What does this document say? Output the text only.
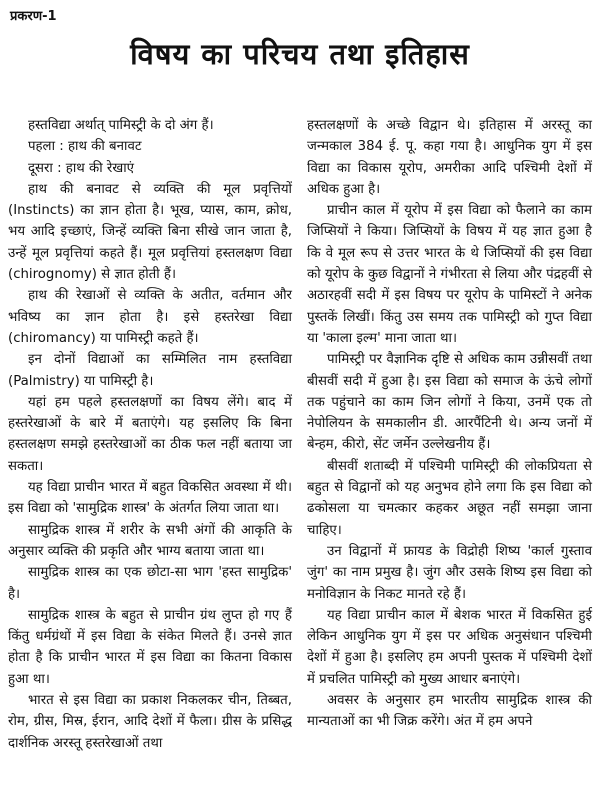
प्रकरण-1
विषय का परिचय तथा इतिहास

हस्तविद्या अर्थात् पामिस्ट्री के दो अंग हैं।

पहला : हाथ की बनावट

दूसरा : हाथ की रेखाएं

हाथ की बनावट से व्यक्ति की मूल प्रवृत्तियों (Instincts) का ज्ञान होता है। भूख, प्यास, काम, क्रोध, भय आदि इच्छाएं, जिन्हें व्यक्ति बिना सीखे जान जाता है, उन्हें मूल प्रवृत्तियां कहते हैं। मूल प्रवृत्तियां हस्तलक्षण विद्या (chirognomy) से ज्ञात होती हैं।

हाथ की रेखाओं से व्यक्ति के अतीत, वर्तमान और भविष्य का ज्ञान होता है। इसे हस्तरेखा विद्या (chiromancy) या पामिस्ट्री कहते हैं।

इन दोनों विद्याओं का सम्मिलित नाम हस्तविद्या (Palmistry) या पामिस्ट्री है।

यहां हम पहले हस्तलक्षणों का विषय लेंगे। बाद में हस्तरेखाओं के बारे में बताएंगे। यह इसलिए कि बिना हस्तलक्षण समझे हस्तरेखाओं का ठीक फल नहीं बताया जा सकता।

यह विद्या प्राचीन भारत में बहुत विकसित अवस्था में थी। इस विद्या को 'सामुद्रिक शास्त्र' के अंतर्गत लिया जाता था।

सामुद्रिक शास्त्र में शरीर के सभी अंगों की आकृति के अनुसार व्यक्ति की प्रकृति और भाग्य बताया जाता था।

सामुद्रिक शास्त्र का एक छोटा-सा भाग 'हस्त सामुद्रिक' है।

सामुद्रिक शास्त्र के बहुत से प्राचीन ग्रंथ लुप्त हो गए हैं किंतु धर्मग्रंथों में इस विद्या के संकेत मिलते हैं। उनसे ज्ञात होता है कि प्राचीन भारत में इस विद्या का कितना विकास हुआ था।

भारत से इस विद्या का प्रकाश निकलकर चीन, तिब्बत, रोम, ग्रीस, मिस्र, ईरान, आदि देशों में फैला। ग्रीस के प्रसिद्ध दार्शनिक अरस्तू हस्तरेखाओं तथा

हस्तलक्षणों के अच्छे विद्वान थे। इतिहास में अरस्तू का जन्मकाल 384 ई. पू. कहा गया है। आधुनिक युग में इस विद्या का विकास यूरोप, अमरीका आदि पश्चिमी देशों में अधिक हुआ है।

प्राचीन काल में यूरोप में इस विद्या को फैलाने का काम जिप्सियों ने किया। जिप्सियों के विषय में यह ज्ञात हुआ है कि वे मूल रूप से उत्तर भारत के थे जिप्सियों की इस विद्या को यूरोप के कुछ विद्वानों ने गंभीरता से लिया और पंद्रहवीं से अठारहवीं सदी में इस विषय पर यूरोप के पामिस्टों ने अनेक पुस्तकें लिखीं। किंतु उस समय तक पामिस्ट्री को गुप्त विद्या या 'काला इल्म' माना जाता था।

पामिस्ट्री पर वैज्ञानिक दृष्टि से अधिक काम उन्नीसवीं तथा बीसवीं सदी में हुआ है। इस विद्या को समाज के ऊंचे लोगों तक पहुंचाने का काम जिन लोगों ने किया, उनमें एक तो नेपोलियन के समकालीन डी. आरपैंटिनी थे। अन्य जनों में बेन्हम, कीरो, सेंट जर्मेन उल्लेखनीय हैं।

बीसवीं शताब्दी में पश्चिमी पामिस्ट्री की लोकप्रियता से बहुत से विद्वानों को यह अनुभव होने लगा कि इस विद्या को ढकोसला या चमत्कार कहकर अछूत नहीं समझा जाना चाहिए।

उन विद्वानों में फ्रायड के विद्रोही शिष्य 'कार्ल गुस्ताव जुंग' का नाम प्रमुख है। जुंग और उसके शिष्य इस विद्या को मनोविज्ञान के निकट मानते रहे हैं।

यह विद्या प्राचीन काल में बेशक भारत में विकसित हुई लेकिन आधुनिक युग में इस पर अधिक अनुसंधान पश्चिमी देशों में हुआ है। इसलिए हम अपनी पुस्तक में पश्चिमी देशों में प्रचलित पामिस्ट्री को मुख्य आधार बनाएंगे।

अवसर के अनुसार हम भारतीय सामुद्रिक शास्त्र की मान्यताओं का भी जिक्र करेंगे। अंत में हम अपने
